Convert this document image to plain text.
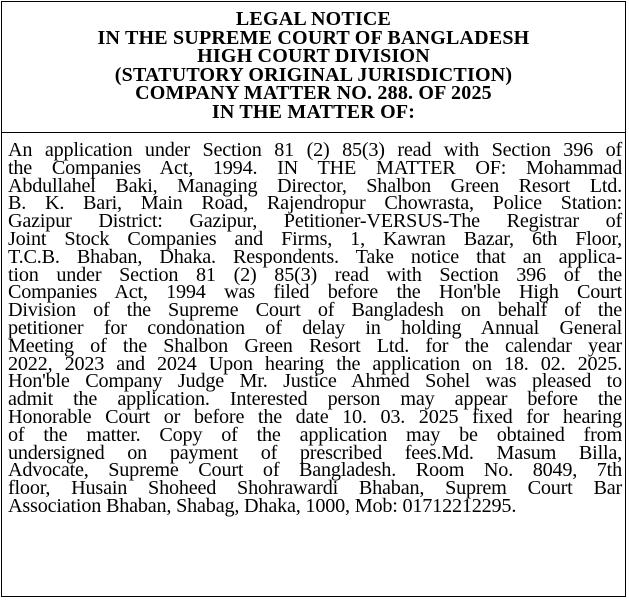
LEGAL NOTICE
IN THE SUPREME COURT OF BANGLADESH
HIGH COURT DIVISION
(STATUTORY ORIGINAL JURISDICTION)
COMPANY MATTER NO. 288. OF 2025
IN THE MATTER OF:
An application under Section 81 (2) 85(3) read with Section 396 of
the Companies Act, 1994. IN THE MATTER OF: Mohammad
Abdullahel Baki, Managing Director, Shalbon Green Resort Ltd.
B. K. Bari, Main Road, Rajendropur Chowrasta, Police Station:
Gazipur District: Gazipur, Petitioner-VERSUS-The Registrar of
Joint Stock Companies and Firms, 1, Kawran Bazar, 6th Floor,
T.C.B. Bhaban, Dhaka. Respondents. Take notice that an applica-
tion under Section 81 (2) 85(3) read with Section 396 of the
Companies Act, 1994 was filed before the Hon'ble High Court
Division of the Supreme Court of Bangladesh on behalf of the
petitioner for condonation of delay in holding Annual General
Meeting of the Shalbon Green Resort Ltd. for the calendar year
2022, 2023 and 2024 Upon hearing the application on 18. 02. 2025.
Hon'ble Company Judge Mr. Justice Ahmed Sohel was pleased to
admit the application. Interested person may appear before the
Honorable Court or before the date 10. 03. 2025 fixed for hearing
of the matter. Copy of the application may be obtained from
undersigned on payment of prescribed fees.Md. Masum Billa,
Advocate, Supreme Court of Bangladesh. Room No. 8049, 7th
floor, Husain Shoheed Shohrawardi Bhaban, Suprem Court Bar
Association Bhaban, Shabag, Dhaka, 1000, Mob: 01712212295.
